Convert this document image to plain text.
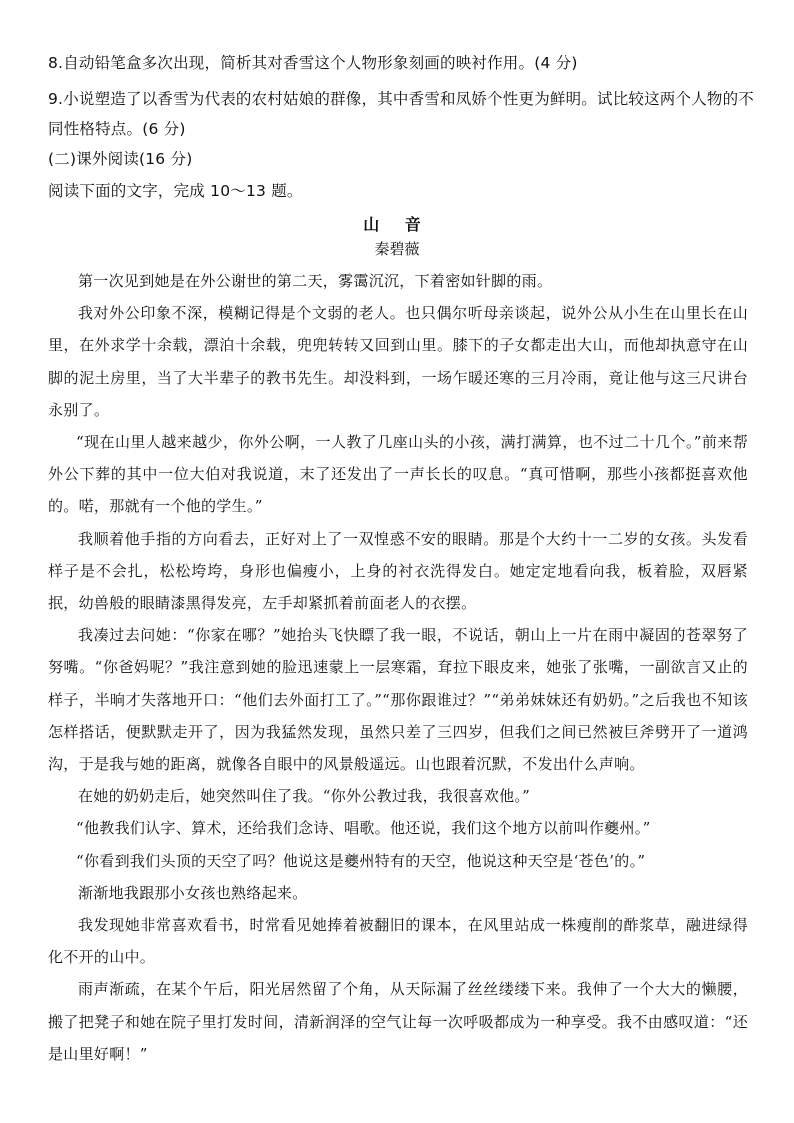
8.自动铅笔盒多次出现，简析其对香雪这个人物形象刻画的映衬作用。(4 分)
9.小说塑造了以香雪为代表的农村姑娘的群像，其中香雪和凤娇个性更为鲜明。试比较这两个人物的不同性格特点。(6 分)
(二)课外阅读(16 分)
阅读下面的文字，完成 10～13 题。
山 音
秦碧薇

第一次见到她是在外公谢世的第二天，雾霭沉沉，下着密如针脚的雨。

我对外公印象不深，模糊记得是个文弱的老人。也只偶尔听母亲谈起，说外公从小生在山里长在山里，在外求学十余载，漂泊十余载，兜兜转转又回到山里。膝下的子女都走出大山，而他却执意守在山脚的泥土房里，当了大半辈子的教书先生。却没料到，一场乍暖还寒的三月冷雨，竟让他与这三尺讲台永别了。

“现在山里人越来越少，你外公啊，一人教了几座山头的小孩，满打满算，也不过二十几个。”前来帮外公下葬的其中一位大伯对我说道，末了还发出了一声长长的叹息。“真可惜啊，那些小孩都挺喜欢他的。喏，那就有一个他的学生。”

我顺着他手指的方向看去，正好对上了一双惶惑不安的眼睛。那是个大约十一二岁的女孩。头发看样子是不会扎，松松垮垮，身形也偏瘦小，上身的衬衣洗得发白。她定定地看向我，板着脸，双唇紧抿，幼兽般的眼睛漆黑得发亮，左手却紧抓着前面老人的衣摆。

我凑过去问她：“你家在哪？”她抬头飞快瞟了我一眼，不说话，朝山上一片在雨中凝固的苍翠努了努嘴。“你爸妈呢？”我注意到她的脸迅速蒙上一层寒霜，耷拉下眼皮来，她张了张嘴，一副欲言又止的样子，半晌才失落地开口：“他们去外面打工了。”“那你跟谁过？”“弟弟妹妹还有奶奶。”之后我也不知该怎样搭话，便默默走开了，因为我猛然发现，虽然只差了三四岁，但我们之间已然被巨斧劈开了一道鸿沟，于是我与她的距离，就像各自眼中的风景般遥远。山也跟着沉默，不发出什么声响。

在她的奶奶走后，她突然叫住了我。“你外公教过我，我很喜欢他。”

“他教我们认字、算术，还给我们念诗、唱歌。他还说，我们这个地方以前叫作夔州。”

“你看到我们头顶的天空了吗？他说这是夔州特有的天空，他说这种天空是‘苍色’的。”

渐渐地我跟那小女孩也熟络起来。

我发现她非常喜欢看书，时常看见她捧着被翻旧的课本，在风里站成一株瘦削的酢浆草，融进绿得化不开的山中。

雨声渐疏，在某个午后，阳光居然留了个角，从天际漏了丝丝缕缕下来。我伸了一个大大的懒腰，搬了把凳子和她在院子里打发时间，清新润泽的空气让每一次呼吸都成为一种享受。我不由感叹道：“还是山里好啊！”
